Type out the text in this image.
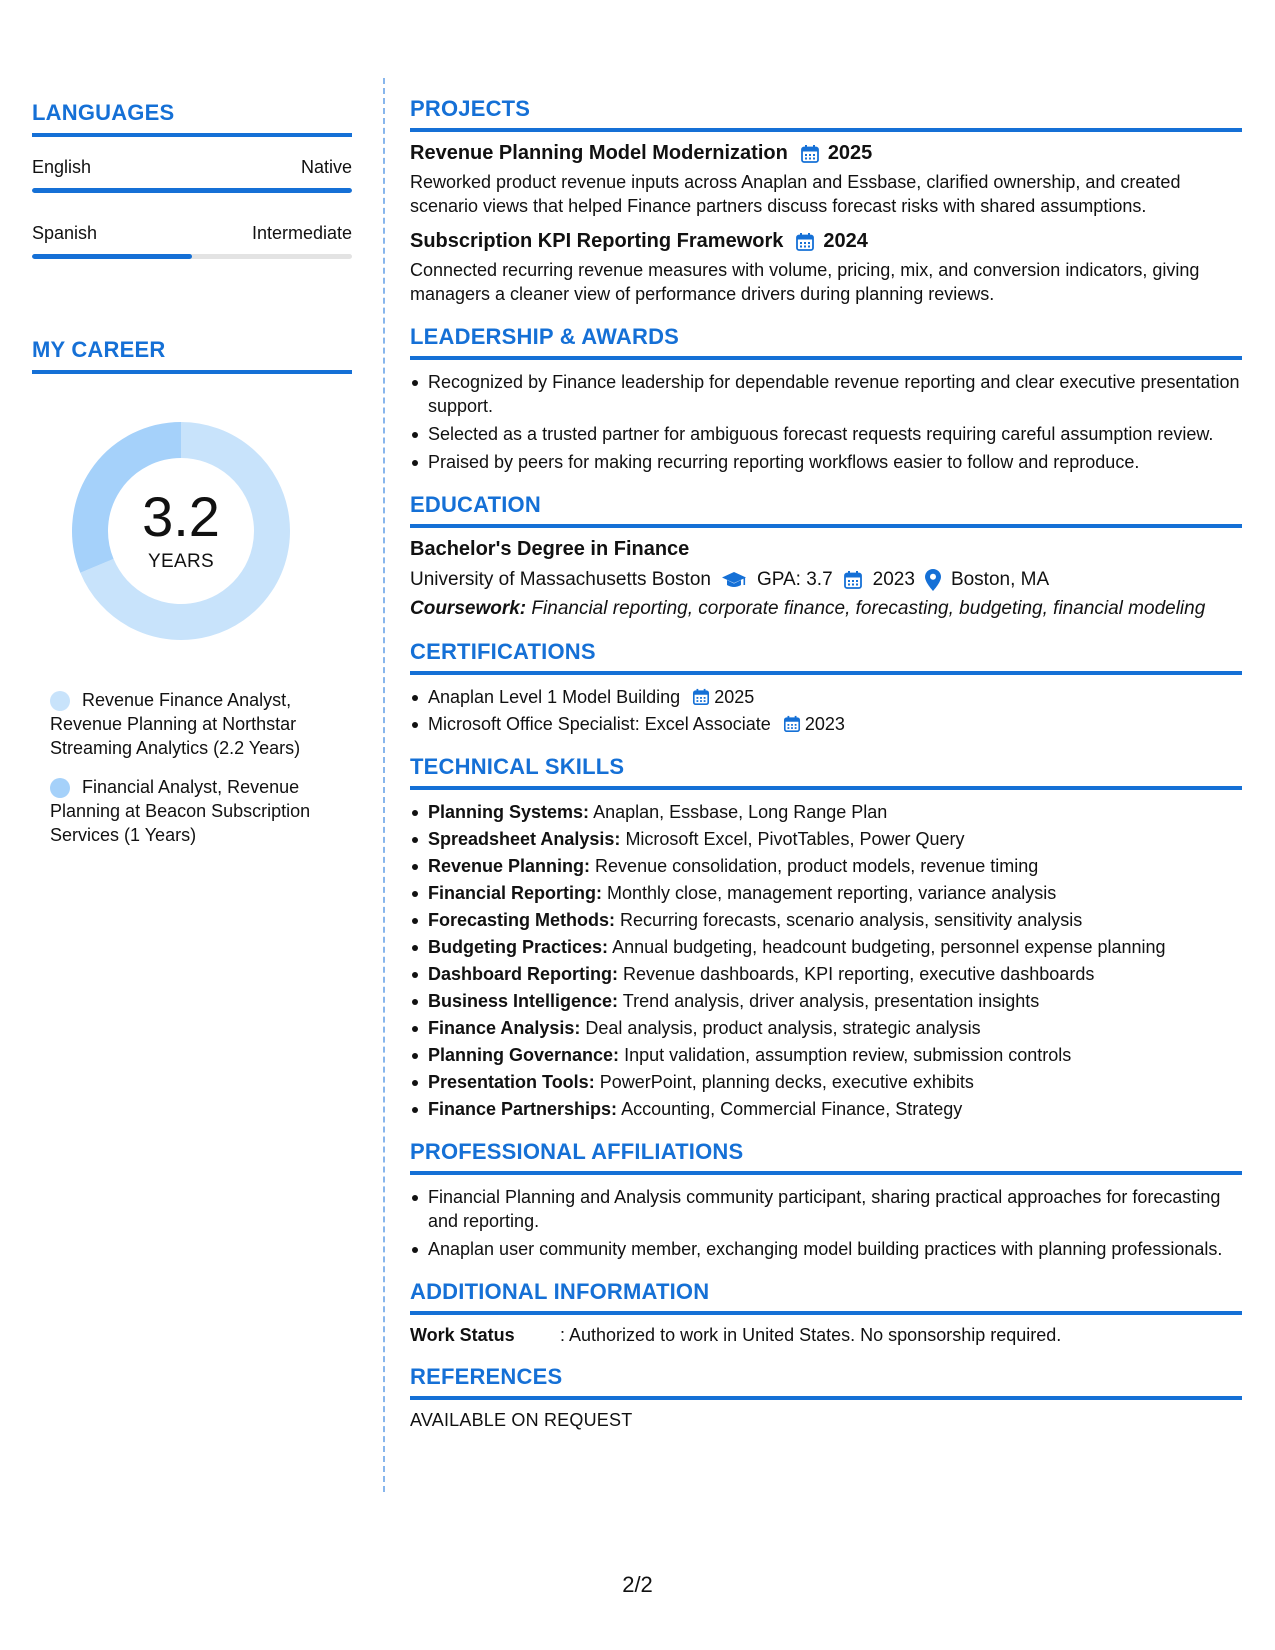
LANGUAGES
English	Native
Spanish	Intermediate
MY CAREER
3.2
YEARS
Revenue Finance Analyst, Revenue Planning at Northstar Streaming Analytics (2.2 Years)
Financial Analyst, Revenue Planning at Beacon Subscription Services (1 Years)
PROJECTS
Revenue Planning Model Modernization 2025
Reworked product revenue inputs across Anaplan and Essbase, clarified ownership, and created scenario views that helped Finance partners discuss forecast risks with shared assumptions.
Subscription KPI Reporting Framework 2024
Connected recurring revenue measures with volume, pricing, mix, and conversion indicators, giving managers a cleaner view of performance drivers during planning reviews.
LEADERSHIP & AWARDS
Recognized by Finance leadership for dependable revenue reporting and clear executive presentation support.
Selected as a trusted partner for ambiguous forecast requests requiring careful assumption review.
Praised by peers for making recurring reporting workflows easier to follow and reproduce.
EDUCATION
Bachelor's Degree in Finance
University of Massachusetts Boston GPA: 3.7 2023 Boston, MA
Coursework: Financial reporting, corporate finance, forecasting, budgeting, financial modeling
CERTIFICATIONS
Anaplan Level 1 Model Building 2025
Microsoft Office Specialist: Excel Associate 2023
TECHNICAL SKILLS
Planning Systems: Anaplan, Essbase, Long Range Plan
Spreadsheet Analysis: Microsoft Excel, PivotTables, Power Query
Revenue Planning: Revenue consolidation, product models, revenue timing
Financial Reporting: Monthly close, management reporting, variance analysis
Forecasting Methods: Recurring forecasts, scenario analysis, sensitivity analysis
Budgeting Practices: Annual budgeting, headcount budgeting, personnel expense planning
Dashboard Reporting: Revenue dashboards, KPI reporting, executive dashboards
Business Intelligence: Trend analysis, driver analysis, presentation insights
Finance Analysis: Deal analysis, product analysis, strategic analysis
Planning Governance: Input validation, assumption review, submission controls
Presentation Tools: PowerPoint, planning decks, executive exhibits
Finance Partnerships: Accounting, Commercial Finance, Strategy
PROFESSIONAL AFFILIATIONS
Financial Planning and Analysis community participant, sharing practical approaches for forecasting and reporting.
Anaplan user community member, exchanging model building practices with planning professionals.
ADDITIONAL INFORMATION
Work Status	: Authorized to work in United States. No sponsorship required.
REFERENCES
AVAILABLE ON REQUEST
2/2
